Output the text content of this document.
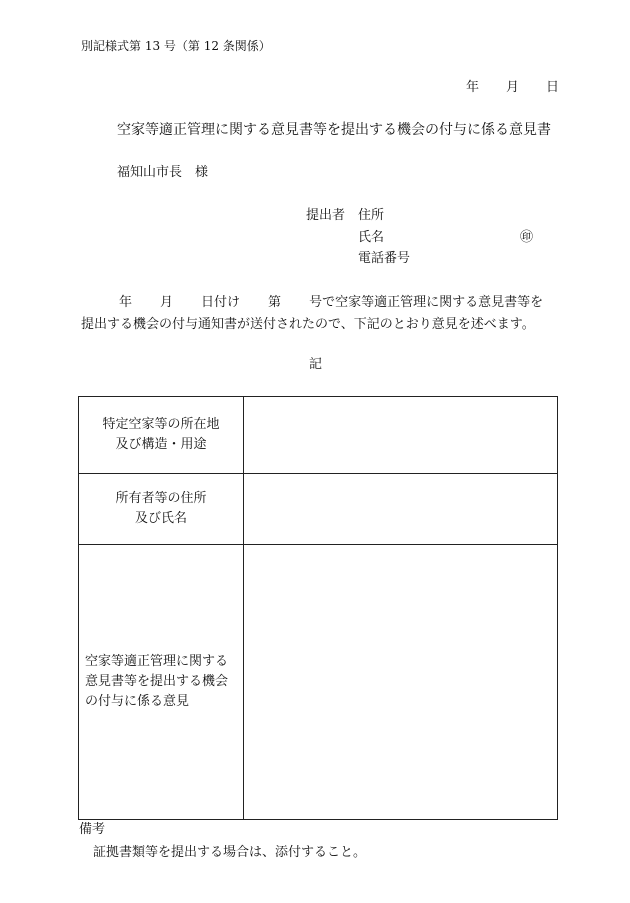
別記様式第 13 号（第 12 条関係）
年 月 日
空家等適正管理に関する意見書等を提出する機会の付与に係る意見書
福知山市長　様
提出者 住所
氏名	㊞
電話番号
年 月 日付け 第 号で空家等適正管理に関する意見書等を
提出する機会の付与通知書が送付されたので、下記のとおり意見を述べます。
記
特定空家等の所在地
及び構造・用途	

所有者等の住所
及び氏名	

空家等適正管理に関する
意見書等を提出する機会
の付与に係る意見	

備考
証拠書類等を提出する場合は、添付すること。
